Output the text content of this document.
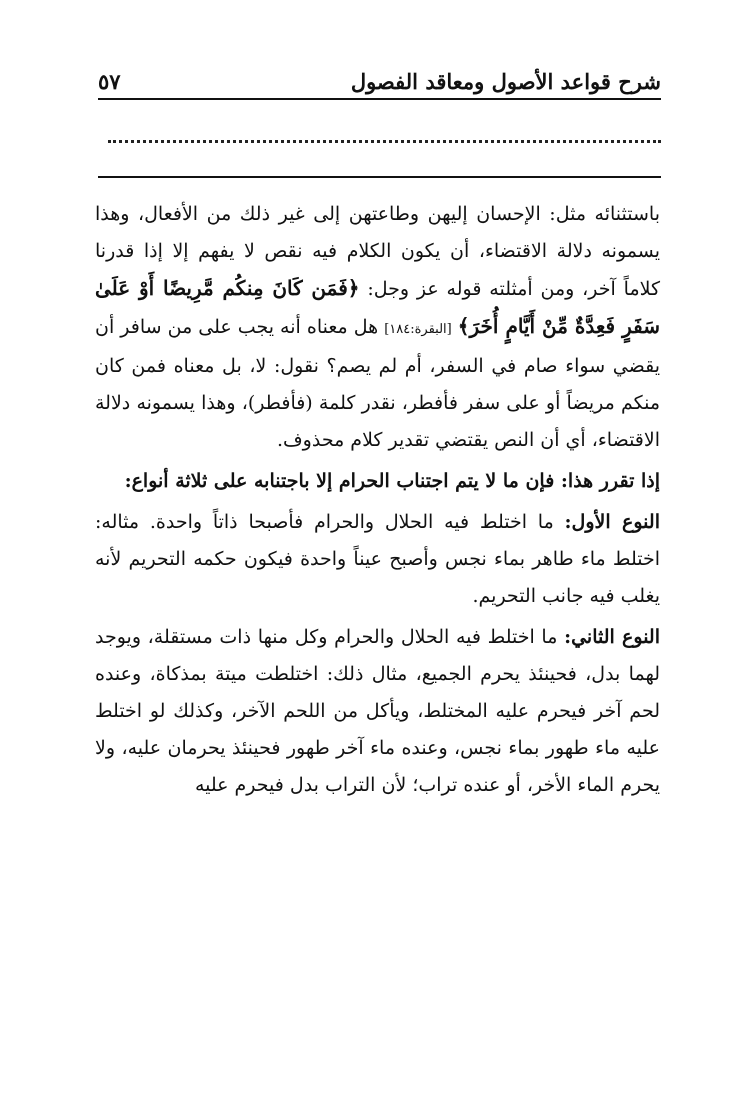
شرح قواعد الأصول ومعاقد الفصول
٥٧

باستثنائه مثل: الإحسان إليهن وطاعتهن إلى غير ذلك من الأفعال، وهذا يسمونه دلالة الاقتضاء، أن يكون الكلام فيه نقص لا يفهم إلا إذا قدرنا كلاماً آخر، ومن أمثلته قوله عز وجل: ﴿فَمَن كَانَ مِنكُم مَّرِيضًا أَوْ عَلَىٰ سَفَرٍ فَعِدَّةٌ مِّنْ أَيَّامٍ أُخَرَ﴾ [البقرة:١٨٤] هل معناه أنه يجب على من سافر أن يقضي سواء صام في السفر، أم لم يصم؟ نقول: لا، بل معناه فمن كان منكم مريضاً أو على سفر فأفطر، نقدر كلمة (فأفطر)، وهذا يسمونه دلالة الاقتضاء، أي أن النص يقتضي تقدير كلام محذوف.

إذا تقرر هذا: فإن ما لا يتم اجتناب الحرام إلا باجتنابه على ثلاثة أنواع:

النوع الأول: ما اختلط فيه الحلال والحرام فأصبحا ذاتاً واحدة. مثاله: اختلط ماء طاهر بماء نجس وأصبح عيناً واحدة فيكون حكمه التحريم لأنه يغلب فيه جانب التحريم.

النوع الثاني: ما اختلط فيه الحلال والحرام وكل منها ذات مستقلة، ويوجد لهما بدل، فحينئذ يحرم الجميع، مثال ذلك: اختلطت ميتة بمذكاة، وعنده لحم آخر فيحرم عليه المختلط، ويأكل من اللحم الآخر، وكذلك لو اختلط عليه ماء طهور بماء نجس، وعنده ماء آخر طهور فحينئذ يحرمان عليه، ولا يحرم الماء الأخر، أو عنده تراب؛ لأن التراب بدل فيحرم عليه
